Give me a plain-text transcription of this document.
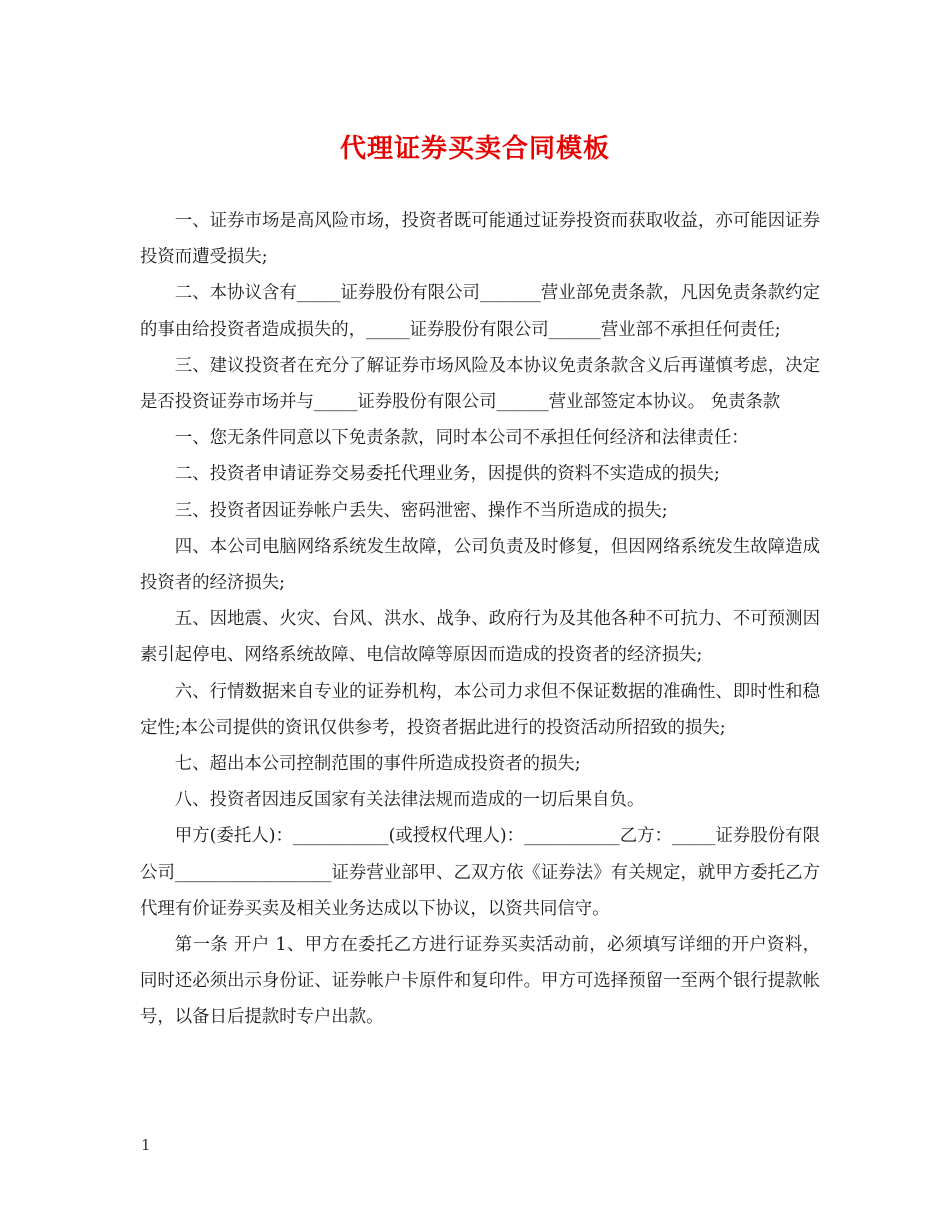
代理证券买卖合同模板

一、证券市场是高风险市场，投资者既可能通过证券投资而获取收益，亦可能因证券投资而遭受损失;

二、本协议含有_____证券股份有限公司_______营业部免责条款，凡因免责条款约定的事由给投资者造成损失的，_____证券股份有限公司______营业部不承担任何责任;

三、建议投资者在充分了解证券市场风险及本协议免责条款含义后再谨慎考虑，决定是否投资证券市场并与_____证券股份有限公司______营业部签定本协议。 免责条款

一、您无条件同意以下免责条款，同时本公司不承担任何经济和法律责任：

二、投资者申请证券交易委托代理业务，因提供的资料不实造成的损失;

三、投资者因证券帐户丢失、密码泄密、操作不当所造成的损失;

四、本公司电脑网络系统发生故障，公司负责及时修复，但因网络系统发生故障造成投资者的经济损失;

五、因地震、火灾、台风、洪水、战争、政府行为及其他各种不可抗力、不可预测因素引起停电、网络系统故障、电信故障等原因而造成的投资者的经济损失;

六、行情数据来自专业的证券机构，本公司力求但不保证数据的准确性、即时性和稳定性;本公司提供的资讯仅供参考，投资者据此进行的投资活动所招致的损失;

七、超出本公司控制范围的事件所造成投资者的损失;

八、投资者因违反国家有关法律法规而造成的一切后果自负。

甲方(委托人)：___________(或授权代理人)：___________乙方：_____证券股份有限公司__________________证券营业部甲、乙双方依《证券法》有关规定，就甲方委托乙方代理有价证券买卖及相关业务达成以下协议，以资共同信守。

第一条 开户 1、甲方在委托乙方进行证券买卖活动前，必须填写详细的开户资料，同时还必须出示身份证、证券帐户卡原件和复印件。甲方可选择预留一至两个银行提款帐号，以备日后提款时专户出款。

1
